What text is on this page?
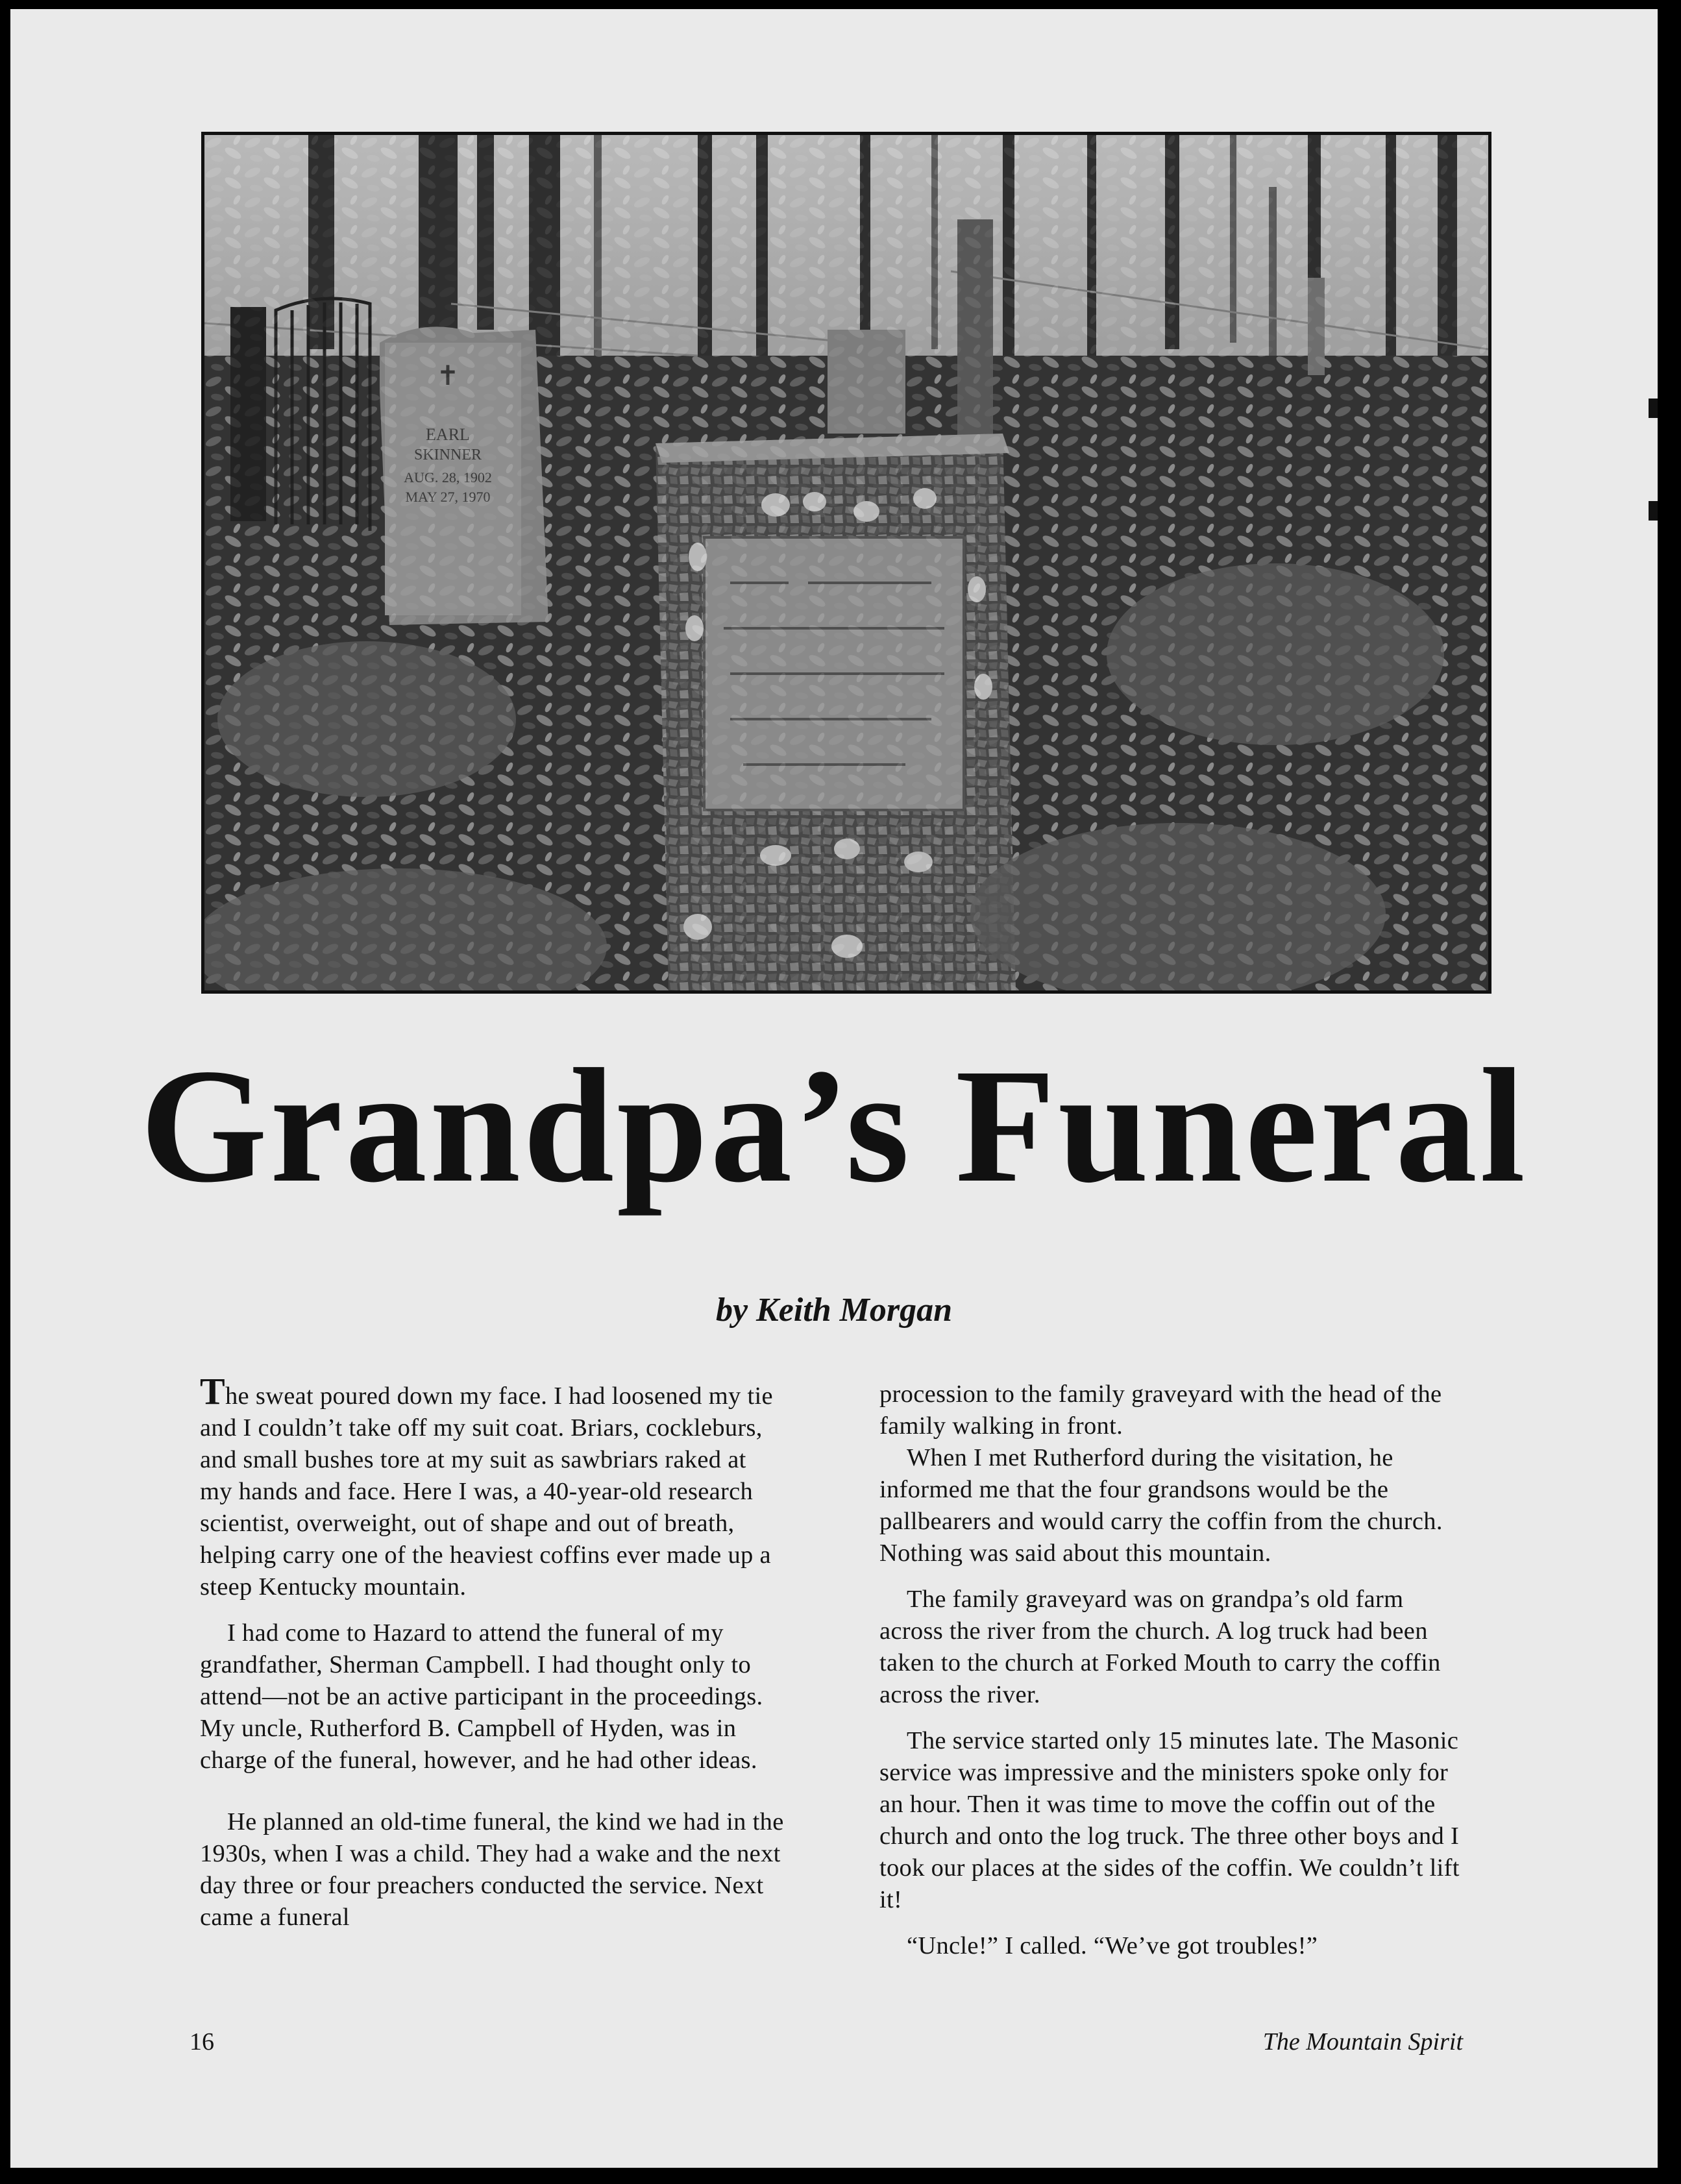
✝
EARL
SKINNER
AUG. 28, 1902
MAY 27, 1970
Grandpa’s Funeral
by Keith Morgan

The sweat poured down my face. I had loosened my tie and I couldn’t take off my suit coat. Briars, cockleburs, and small bushes tore at my suit as sawbriars raked at my hands and face. Here I was, a 40-year-old research scientist, overweight, out of shape and out of breath, helping carry one of the heaviest coffins ever made up a steep Kentucky mountain.

I had come to Hazard to attend the funeral of my grandfather, Sherman Campbell. I had thought only to attend—not be an active participant in the proceedings. My uncle, Rutherford B. Campbell of Hyden, was in charge of the funeral, however, and he had other ideas.

He planned an old-time funeral, the kind we had in the 1930s, when I was a child. They had a wake and the next day three or four preachers conducted the service. Next came a funeral

procession to the family graveyard with the head of the family walking in front.

When I met Rutherford during the visitation, he informed me that the four grandsons would be the pallbearers and would carry the coffin from the church. Nothing was said about this mountain.

The family graveyard was on grandpa’s old farm across the river from the church. A log truck had been taken to the church at Forked Mouth to carry the coffin across the river.

The service started only 15 minutes late. The Masonic service was impressive and the ministers spoke only for an hour. Then it was time to move the coffin out of the church and onto the log truck. The three other boys and I took our places at the sides of the coffin. We couldn’t lift it!

“Uncle!” I called. “We’ve got troubles!”

16	The Mountain Spirit
